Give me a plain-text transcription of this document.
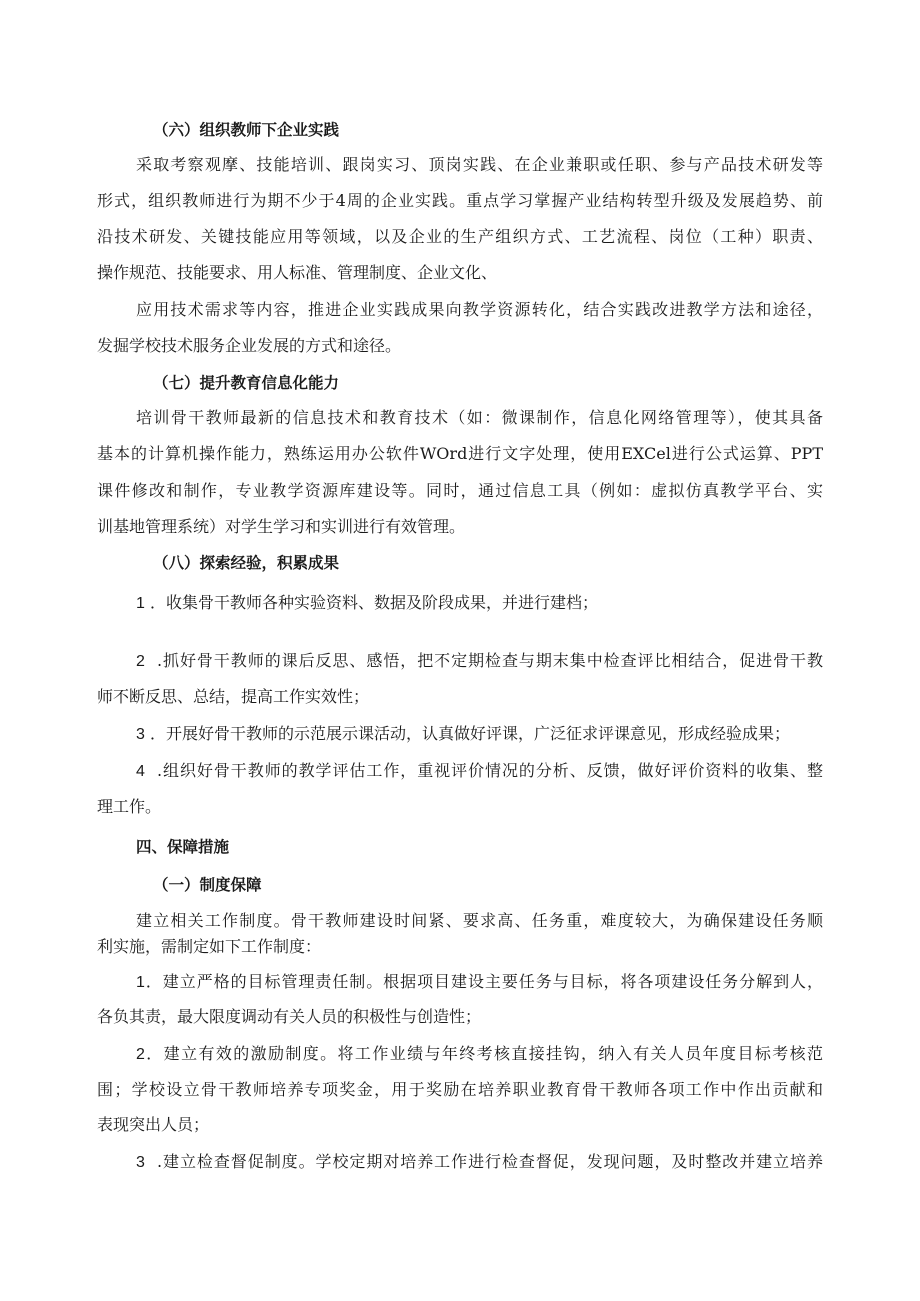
（六）组织教师下企业实践
采取考察观摩、技能培训、跟岗实习、顶岗实践、在企业兼职或任职、参与产品技术研发等
形式，组织教师进行为期不少于4周的企业实践。重点学习掌握产业结构转型升级及发展趋势、前
沿技术研发、关键技能应用等领域，以及企业的生产组织方式、工艺流程、岗位（工种）职责、
操作规范、技能要求、用人标准、管理制度、企业文化、
应用技术需求等内容，推进企业实践成果向教学资源转化，结合实践改进教学方法和途径，
发掘学校技术服务企业发展的方式和途径。
（七）提升教育信息化能力
培训骨干教师最新的信息技术和教育技术（如：微课制作，信息化网络管理等），使其具备
基本的计算机操作能力，熟练运用办公软件WOrd进行文字处理，使用EXCel进行公式运算、PPT
课件修改和制作，专业教学资源库建设等。同时，通过信息工具（例如：虚拟仿真教学平台、实
训基地管理系统）对学生学习和实训进行有效管理。
（八）探索经验，积累成果
1 ．收集骨干教师各种实验资料、数据及阶段成果，并进行建档；
2 .抓好骨干教师的课后反思、感悟，把不定期检查与期末集中检查评比相结合，促进骨干教
师不断反思、总结，提高工作实效性；
3 ．开展好骨干教师的示范展示课活动，认真做好评课，广泛征求评课意见，形成经验成果；
4 .组织好骨干教师的教学评估工作，重视评价情况的分析、反馈，做好评价资料的收集、整
理工作。
四、保障措施
（一）制度保障
建立相关工作制度。骨干教师建设时间紧、要求高、任务重，难度较大，为确保建设任务顺
利实施，需制定如下工作制度：
1．建立严格的目标管理责任制。根据项目建设主要任务与目标，将各项建设任务分解到人，
各负其责，最大限度调动有关人员的积极性与创造性；
2．建立有效的激励制度。将工作业绩与年终考核直接挂钩，纳入有关人员年度目标考核范
围；学校设立骨干教师培养专项奖金，用于奖励在培养职业教育骨干教师各项工作中作出贡献和
表现突出人员；
3 .建立检查督促制度。学校定期对培养工作进行检查督促，发现问题，及时整改并建立培养
